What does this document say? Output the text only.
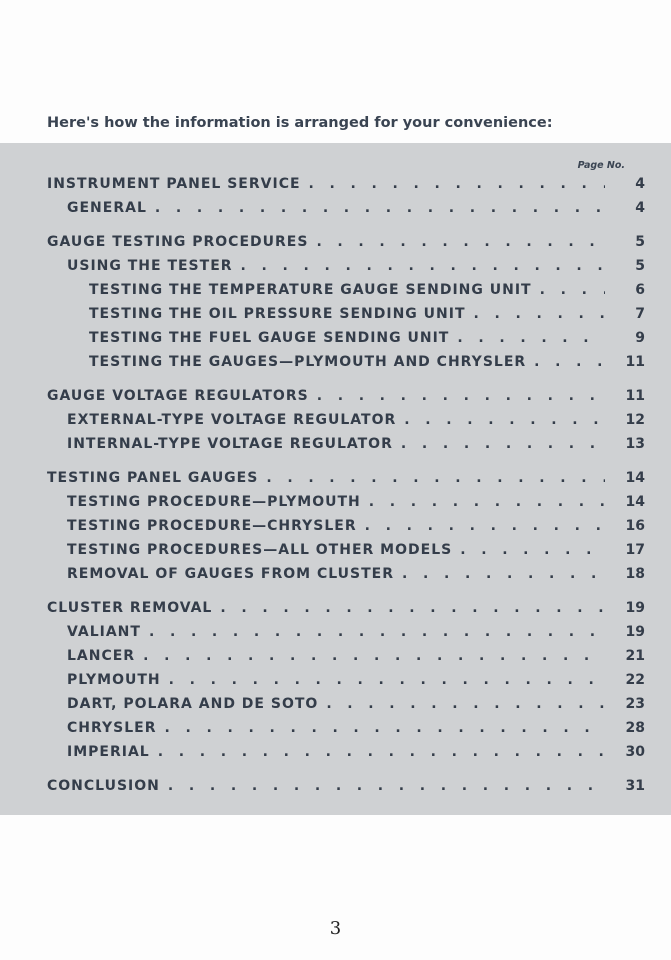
Here's how the information is arranged for your convenience:
Page No.
INSTRUMENT PANEL SERVICE . . .	4
GENERAL . . .	4
GAUGE TESTING PROCEDURES . . .	5
USING THE TESTER . . .	5
TESTING THE TEMPERATURE GAUGE SENDING UNIT . . .	6
TESTING THE OIL PRESSURE SENDING UNIT . . .	7
TESTING THE FUEL GAUGE SENDING UNIT . . .	9
TESTING THE GAUGES—PLYMOUTH AND CHRYSLER . . .	11
GAUGE VOLTAGE REGULATORS . . .	11
EXTERNAL-TYPE VOLTAGE REGULATOR . . .	12
INTERNAL-TYPE VOLTAGE REGULATOR . . .	13
TESTING PANEL GAUGES . . .	14
TESTING PROCEDURE—PLYMOUTH . . .	14
TESTING PROCEDURE—CHRYSLER . . .	16
TESTING PROCEDURES—ALL OTHER MODELS . . .	17
REMOVAL OF GAUGES FROM CLUSTER . . .	18
CLUSTER REMOVAL . . .	19
VALIANT . . .	19
LANCER . . .	21
PLYMOUTH . . .	22
DART, POLARA AND DE SOTO . . .	23
CHRYSLER . . .	28
IMPERIAL . . .	30
CONCLUSION . . .	31
3
